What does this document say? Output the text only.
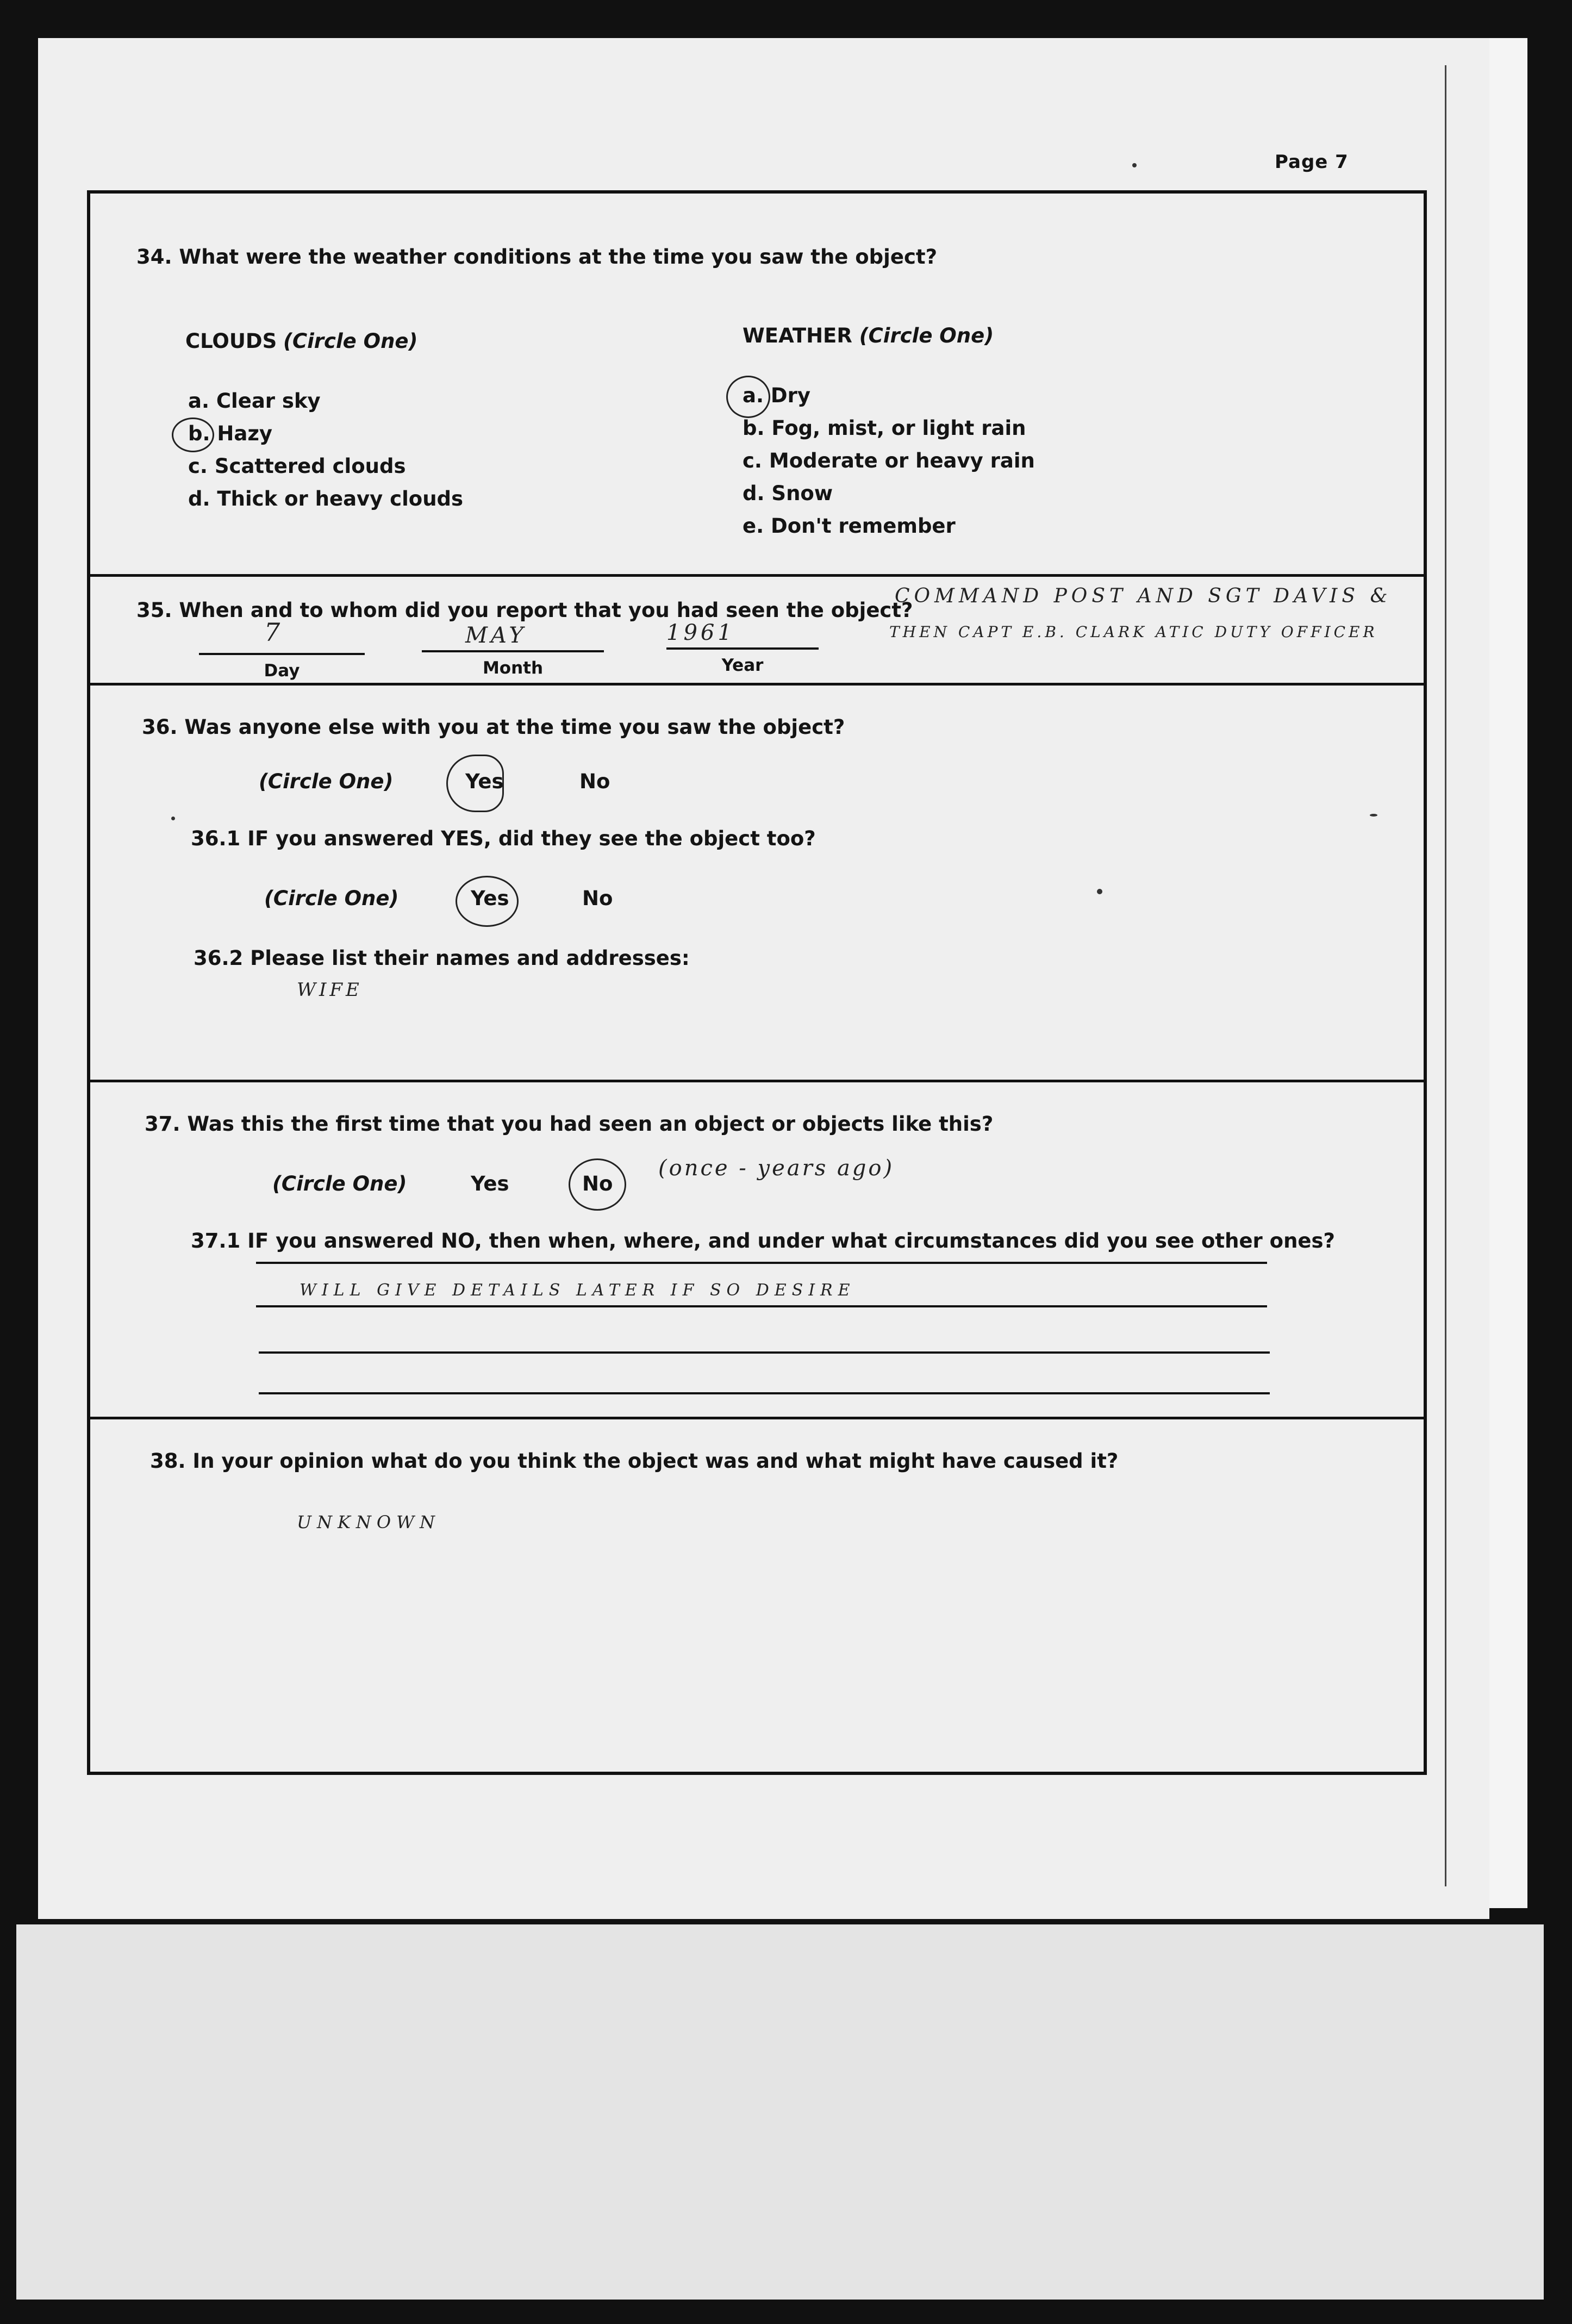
Page 7
34. What were the weather conditions at the time you saw the object?
CLOUDS (Circle One)
a. Clear sky
b. Hazy
c. Scattered clouds
d. Thick or heavy clouds
WEATHER (Circle One)
a. Dry
b. Fog, mist, or light rain
c. Moderate or heavy rain
d. Snow
e. Don't remember
35. When and to whom did you report that you had seen the object?
COMMAND POST AND SGT DAVIS &
THEN CAPT E.B. CLARK ATIC DUTY OFFICER
7
Day
MAY
Month
1961
Year
36. Was anyone else with you at the time you saw the object?
(Circle One)	Yes	No
36.1 IF you answered YES, did they see the object too?
(Circle One)	Yes	No
36.2 Please list their names and addresses:
WIFE
37. Was this the first time that you had seen an object or objects like this?
(Circle One)	Yes	No
(once - years ago)
37.1 IF you answered NO, then when, where, and under what circumstances did you see other ones?
WILL GIVE DETAILS LATER IF SO DESIRE
38. In your opinion what do you think the object was and what might have caused it?
UNKNOWN
